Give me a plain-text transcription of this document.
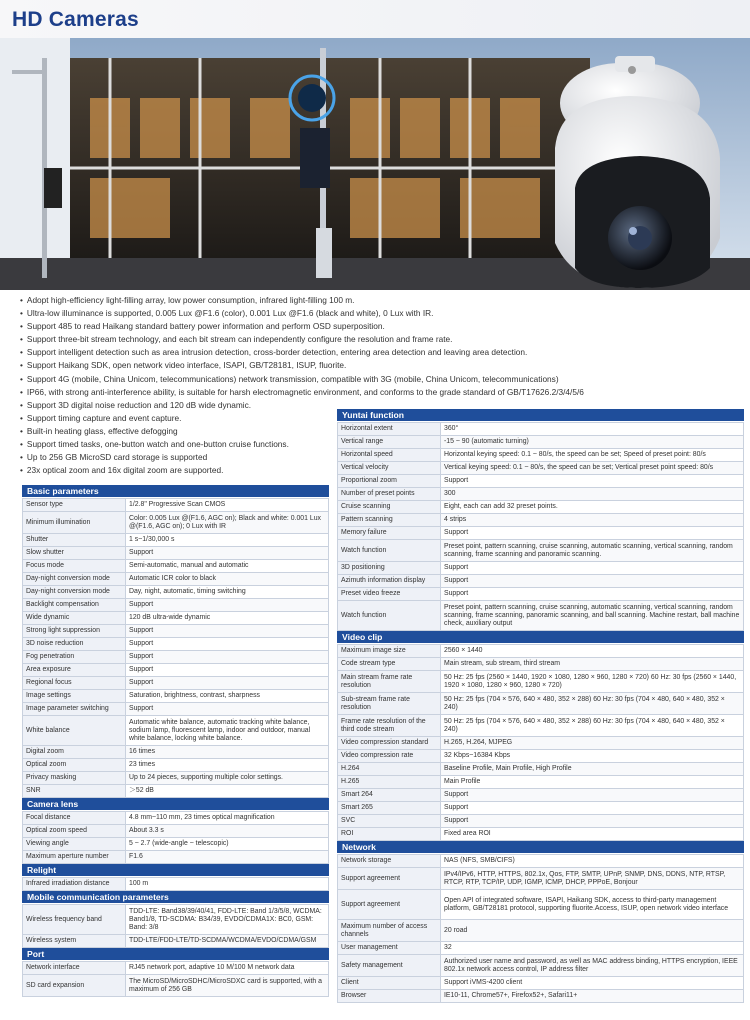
HD Cameras
• Adopt high-efficiency light-filling array, low power consumption, infrared light-filling 100 m.
• Ultra-low illuminance is supported, 0.005 Lux @F1.6 (color), 0.001 Lux @F1.6 (black and white), 0 Lux with IR.
• Support 485 to read Haikang standard battery power information and perform OSD superposition.
• Support three-bit stream technology, and each bit stream can independently configure the resolution and frame rate.
• Support intelligent detection such as area intrusion detection, cross-border detection, entering area detection and leaving area detection.
• Support Haikang SDK, open network video interface, ISAPI, GB/T28181, ISUP, fluorite.
• Support 4G (mobile, China Unicom, telecommunications) network transmission, compatible with 3G (mobile, China Unicom, telecommunications)
• IP66, with strong anti-interference ability, is suitable for harsh electromagnetic environment, and conforms to the grade standard of GB/T17626.2/3/4/5/6
• Support 3D digital noise reduction and 120 dB wide dynamic.
• Support timing capture and event capture.
• Built-in heating glass, effective defogging
• Support timed tasks, one-button watch and one-button cruise functions.
• Up to 256 GB MicroSD card storage is supported
• 23x optical zoom and 16x digital zoom are supported.
Basic parameters
Sensor type	1/2.8" Progressive Scan CMOS
Minimum illumination	Color: 0.005 Lux @(F1.6, AGC on); Black and white: 0.001 Lux @(F1.6, AGC on); 0 Lux with IR
Shutter	1 s~1/30,000 s
Slow shutter	Support
Focus mode	Semi-automatic, manual and automatic
Day-night conversion mode	Automatic ICR color to black
Day-night conversion mode	Day, night, automatic, timing switching
Backlight compensation	Support
Wide dynamic	120 dB ultra-wide dynamic
Strong light suppression	Support
3D noise reduction	Support
Fog penetration	Support
Area exposure	Support
Regional focus	Support
Image settings	Saturation, brightness, contrast, sharpness
Image parameter switching	Support
White balance	Automatic white balance, automatic tracking white balance, sodium lamp, fluorescent lamp, indoor and outdoor, manual white balance, locking white balance.
Digital zoom	16 times
Optical zoom	23 times
Privacy masking	Up to 24 pieces, supporting multiple color settings.
SNR	＞52 dB
Camera lens
Focal distance	4.8 mm~110 mm, 23 times optical magnification
Optical zoom speed	About 3.3 s
Viewing angle	5 ~ 2.7 (wide-angle ~ telescopic)
Maximum aperture number	F1.6
Relight
Infrared irradiation distance	100 m
Mobile communication parameters
Wireless frequency band	TDD-LTE: Band38/39/40/41, FDD-LTE: Band 1/3/5/8, WCDMA: Band1/8, TD-SCDMA: B34/39, EVDO/CDMA1X: BC0, GSM: Band: 3/8
Wireless system	TDD-LTE/FDD-LTE/TD-SCDMA/WCDMA/EVDO/CDMA/GSM
Port
Network interface	RJ45 network port, adaptive 10 M/100 M network data
SD card expansion	The MicroSD/MicroSDHC/MicroSDXC card is supported, with a maximum of 256 GB
Yuntai function
Horizontal extent	360°
Vertical range	-15 ~ 90 (automatic turning)
Horizontal speed	Horizontal keying speed: 0.1 ~ 80/s, the speed can be set; Speed of preset point: 80/s
Vertical velocity	Vertical keying speed: 0.1 ~ 80/s, the speed can be set; Vertical preset point speed: 80/s
Proportional zoom	Support
Number of preset points	300
Cruise scanning	Eight, each can add 32 preset points.
Pattern scanning	4 strips
Memory failure	Support
Watch function	Preset point, pattern scanning, cruise scanning, automatic scanning, vertical scanning, random scanning, frame scanning and panoramic scanning.
3D positioning	Support
Azimuth information display	Support
Preset video freeze	Support
Watch function	Preset point, pattern scanning, cruise scanning, automatic scanning, vertical scanning, random scanning, frame scanning, panoramic scanning, and ball scanning. Machine restart, ball machine check, auxiliary output
Video clip
Maximum image size	2560 × 1440
Code stream type	Main stream, sub stream, third stream
Main stream frame rate resolution	50 Hz: 25 fps (2560 × 1440, 1920 × 1080, 1280 × 960, 1280 × 720) 60 Hz: 30 fps (2560 × 1440, 1920 × 1080, 1280 × 960, 1280 × 720)
Sub-stream frame rate resolution	50 Hz: 25 fps (704 × 576, 640 × 480, 352 × 288) 60 Hz: 30 fps (704 × 480, 640 × 480, 352 × 240)
Frame rate resolution of the third code stream	50 Hz: 25 fps (704 × 576, 640 × 480, 352 × 288) 60 Hz: 30 fps (704 × 480, 640 × 480, 352 × 240)
Video compression standard	H.265, H.264, MJPEG
Video compression rate	32 Kbps~16384 Kbps
H.264	Baseline Profile, Main Profile, High Profile
H.265	Main Profile
Smart 264	Support
Smart 265	Support
SVC	Support
ROI	Fixed area ROI
Network
Network storage	NAS (NFS, SMB/CIFS)
Support agreement	IPv4/IPv6, HTTP, HTTPS, 802.1x, Qos, FTP, SMTP, UPnP, SNMP, DNS, DDNS, NTP, RTSP, RTCP, RTP, TCP/IP, UDP, IGMP, ICMP, DHCP, PPPoE, Bonjour
Support agreement	Open API of integrated software, ISAPI, Haikang SDK, access to third-party management platform, GB/T28181 protocol, supporting fluorite.Access, ISUP, open network video interface
Maximum number of access channels	20 road
User management	32
Safety management	Authorized user name and password, as well as MAC address binding, HTTPS encryption, IEEE 802.1x network access control, IP address filter
Client	Support iVMS-4200 client
Browser	IE10-11, Chrome57+, Firefox52+, Safari11+
